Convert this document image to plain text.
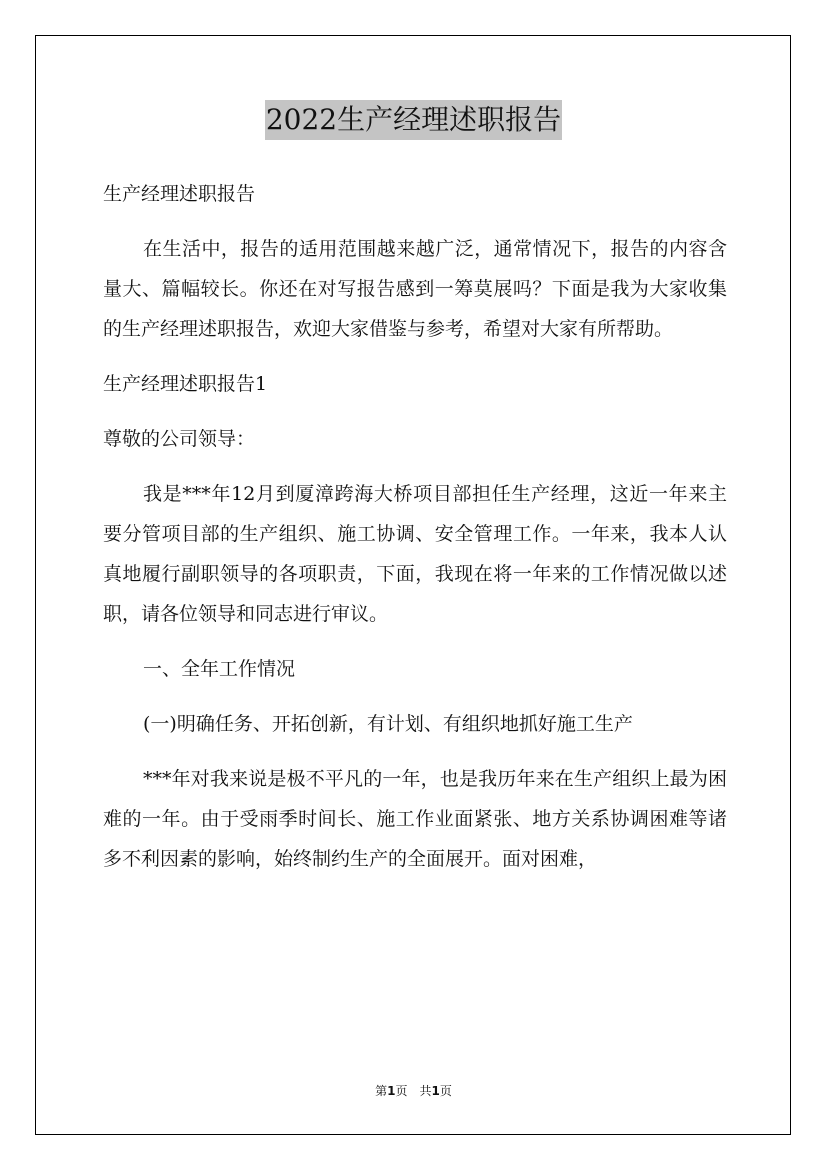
2022生产经理述职报告

生产经理述职报告

在生活中，报告的适用范围越来越广泛，通常情况下，报告的内容含量大、篇幅较长。你还在对写报告感到一筹莫展吗？下面是我为大家收集的生产经理述职报告，欢迎大家借鉴与参考，希望对大家有所帮助。

生产经理述职报告1

尊敬的公司领导：

我是***年12月到厦漳跨海大桥项目部担任生产经理，这近一年来主要分管项目部的生产组织、施工协调、安全管理工作。一年来，我本人认真地履行副职领导的各项职责，下面，我现在将一年来的工作情况做以述职，请各位领导和同志进行审议。

一、全年工作情况

(一)明确任务、开拓创新，有计划、有组织地抓好施工生产

***年对我来说是极不平凡的一年，也是我历年来在生产组织上最为困难的一年。由于受雨季时间长、施工作业面紧张、地方关系协调困难等诸多不利因素的影响，始终制约生产的全面展开。面对困难，

第1页　共1页
